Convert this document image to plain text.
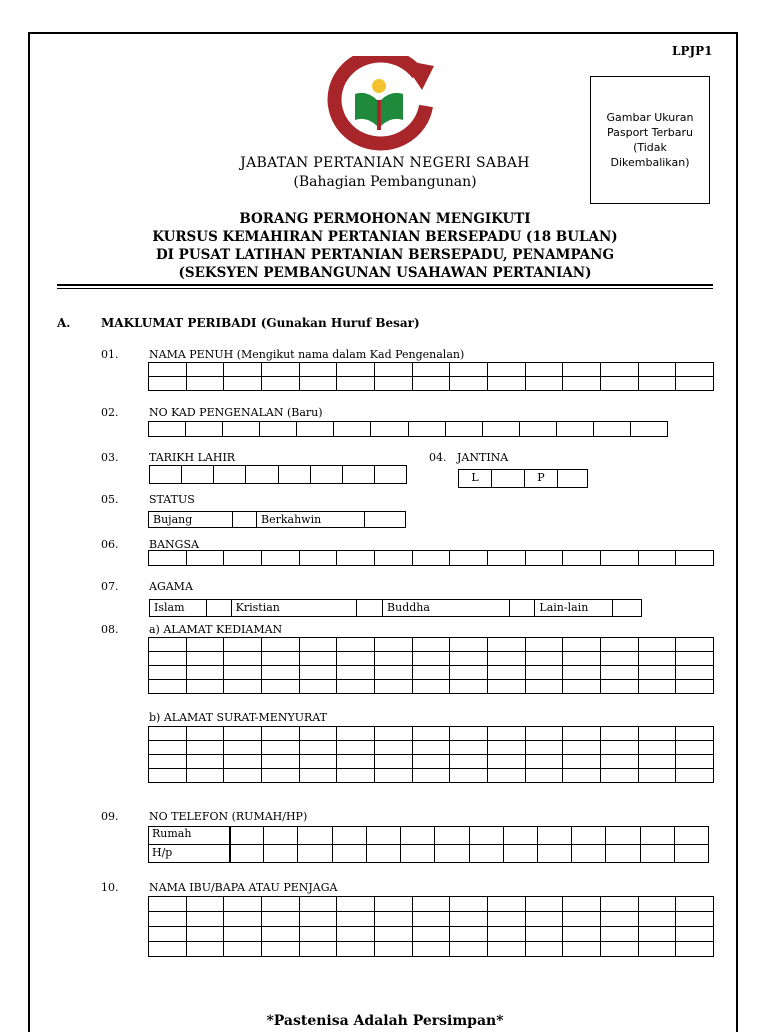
LPJP1
Gambar Ukuran Pasport Terbaru (Tidak Dikembalikan)
JABATAN PERTANIAN NEGERI SABAH
(Bahagian Pembangunan)
BORANG PERMOHONAN MENGIKUTI
KURSUS KEMAHIRAN PERTANIAN BERSEPADU (18 BULAN)
DI PUSAT LATIHAN PERTANIAN BERSEPADU, PENAMPANG
(SEKSYEN PEMBANGUNAN USAHAWAN PERTANIAN)
A.	MAKLUMAT PERIBADI (Gunakan Huruf Besar)
01.	NAMA PENUH (Mengikut nama dalam Kad Pengenalan)
02.	NO KAD PENGENALAN (Baru)
03.	TARIKH LAHIR	04. JANTINA
L	P
05.	STATUS
Bujang	Berkahwin
06.	BANGSA
07.	AGAMA
Islam	Kristian	Buddha	Lain-lain
08.	a) ALAMAT KEDIAMAN
b) ALAMAT SURAT-MENYURAT
09.	NO TELEFON (RUMAH/HP)
Rumah
H/p
10.	NAMA IBU/BAPA ATAU PENJAGA
*Pastenisa Adalah Persimpan*
